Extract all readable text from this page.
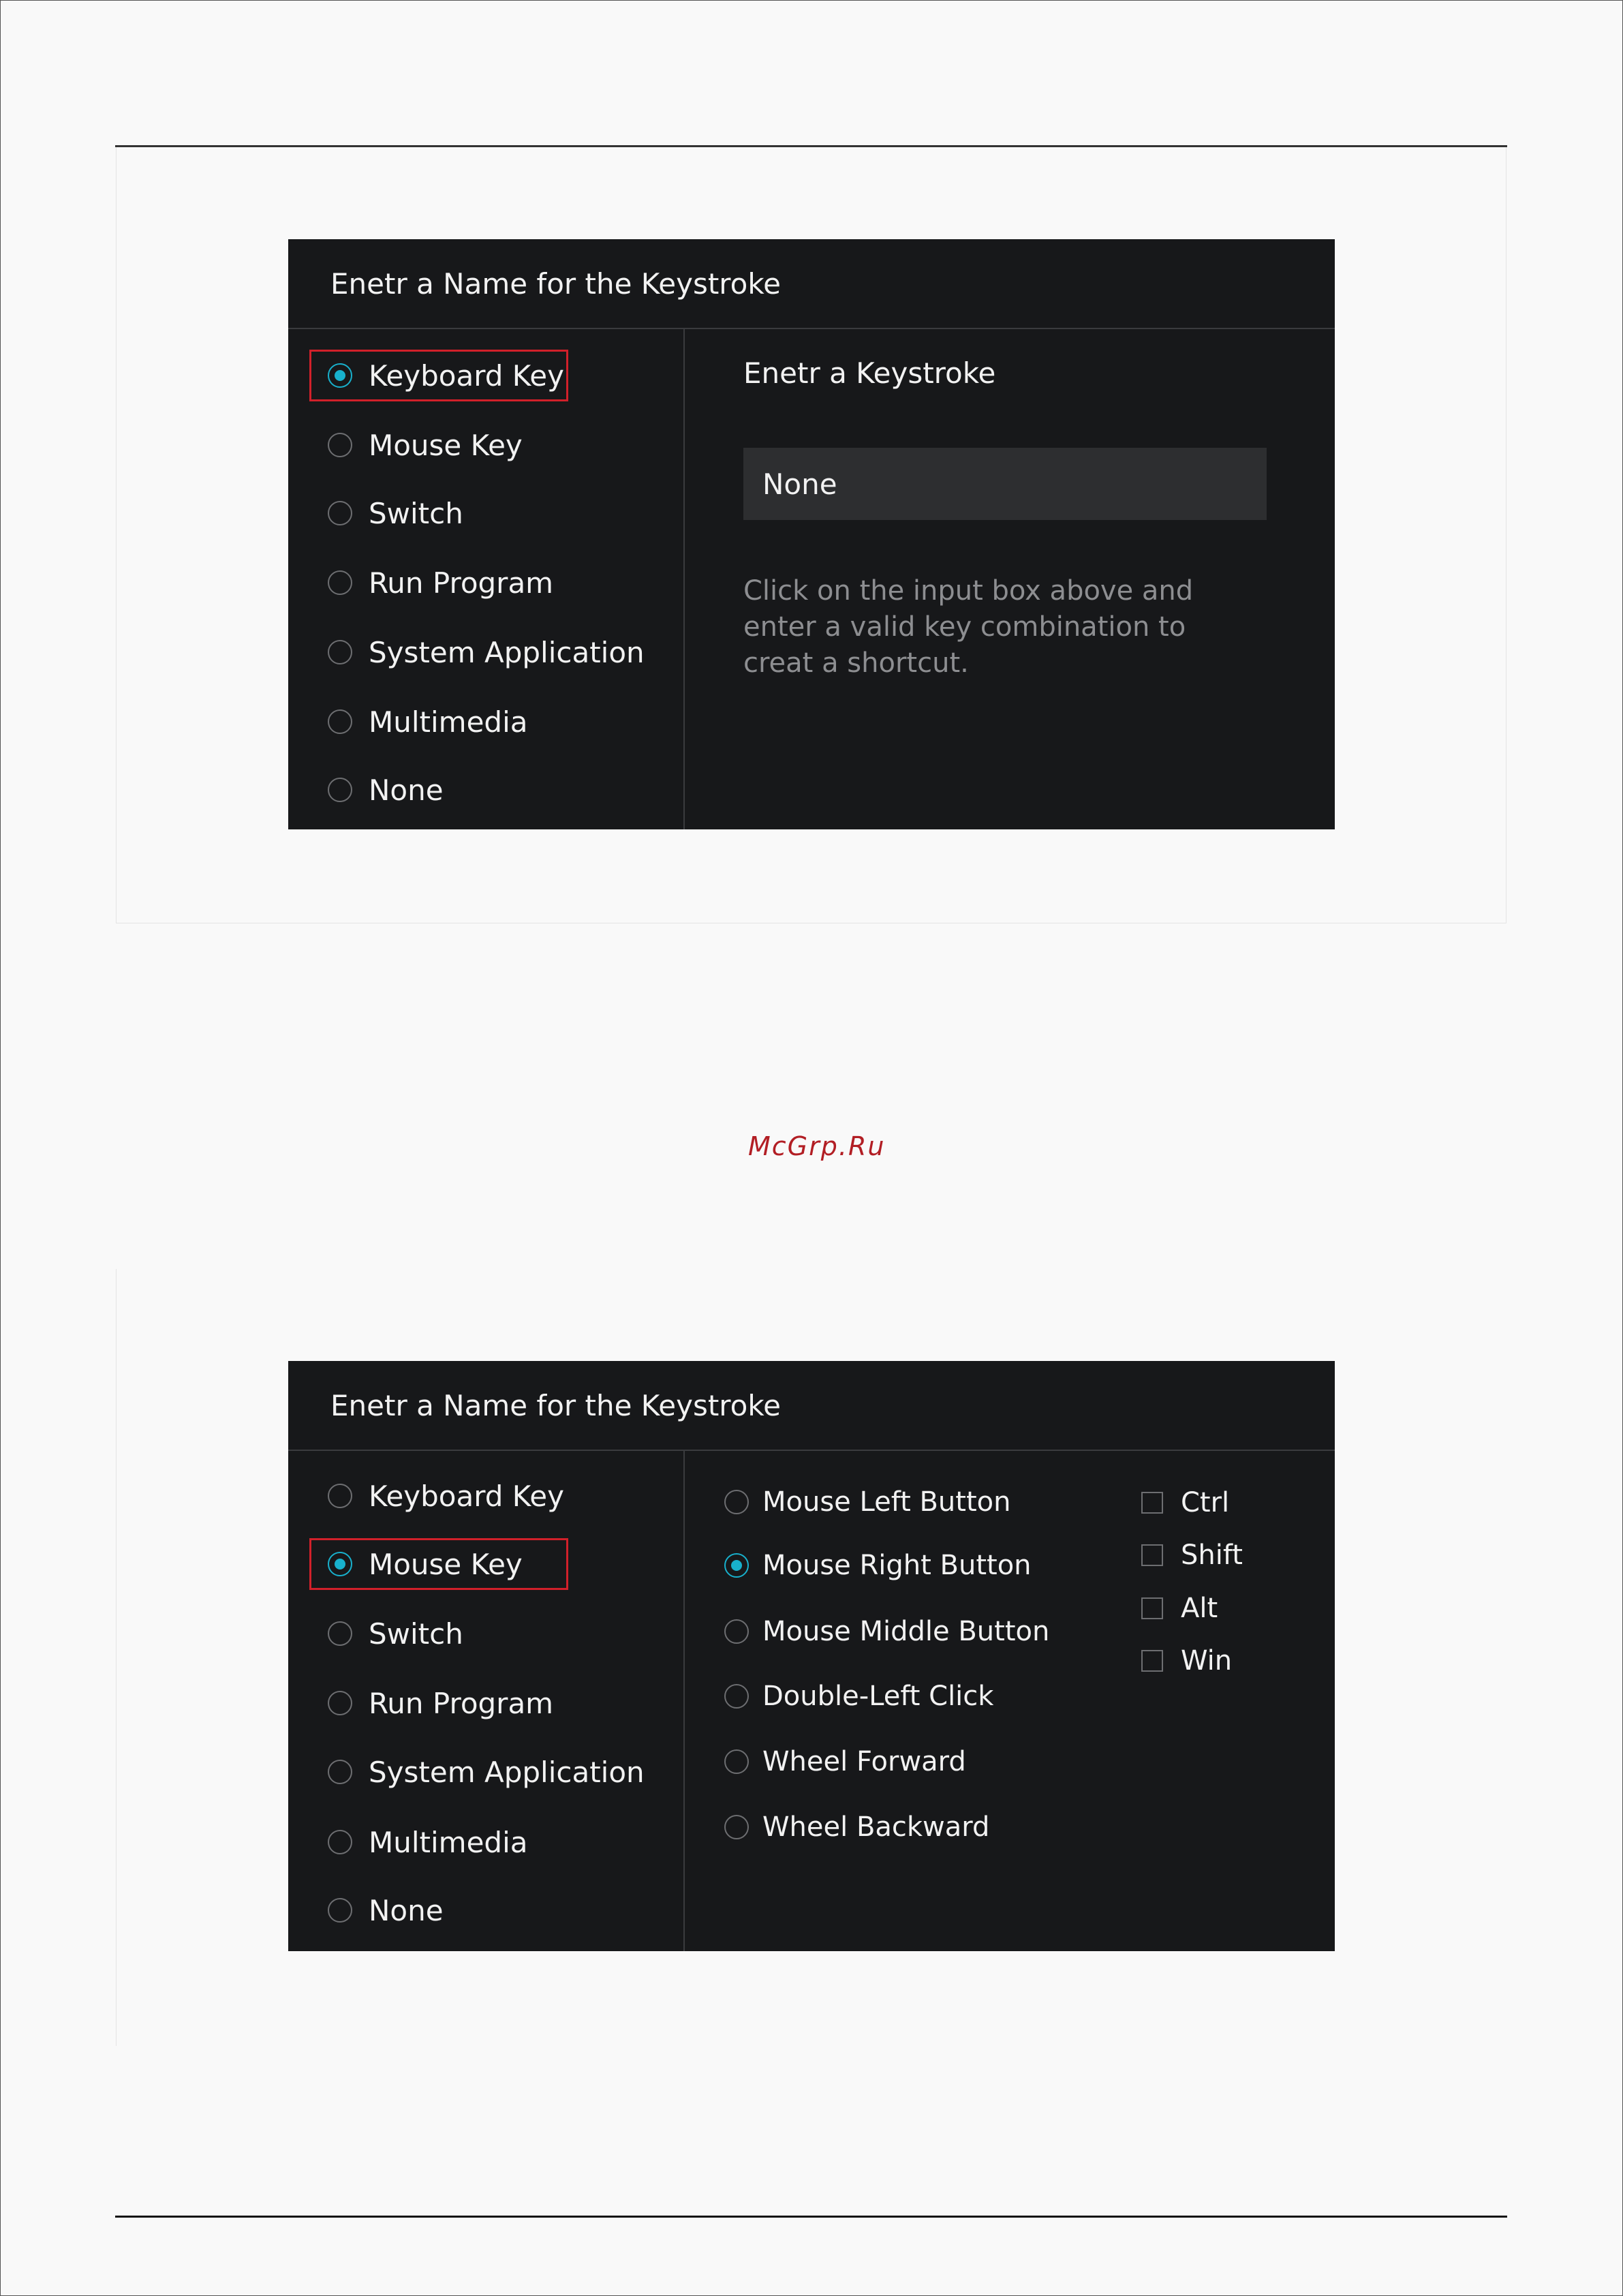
Enetr a Name for the Keystroke
Keyboard Key
Mouse Key
Switch
Run Program
System Application
Multimedia
None
Enetr a Keystroke
None
Click on the input box above and enter a valid key combination to creat a shortcut.
McGrp.Ru
Enetr a Name for the Keystroke
Keyboard Key
Mouse Key
Switch
Run Program
System Application
Multimedia
None
Mouse Left Button
Mouse Right Button
Mouse Middle Button
Double-Left Click
Wheel Forward
Wheel Backward
Ctrl
Shift
Alt
Win
